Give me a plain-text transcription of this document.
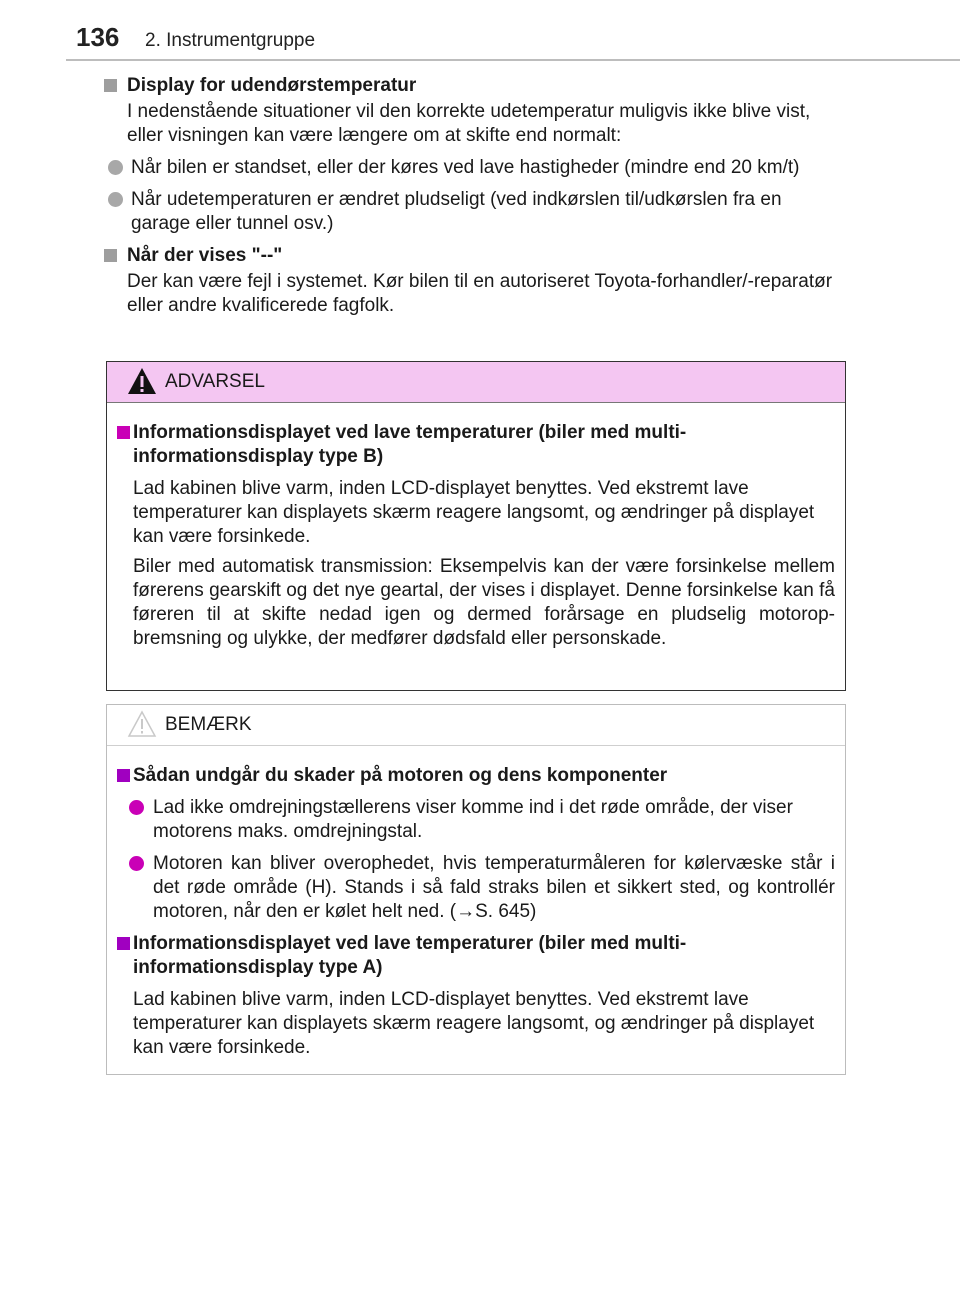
136 2. Instrumentgruppe
Display for udendørstemperatur
I nedenstående situationer vil den korrekte udetemperatur muligvis ikke blive vist, eller visningen kan være længere om at skifte end normalt:
Når bilen er standset, eller der køres ved lave hastigheder (mindre end 20 km/t)
Når udetemperaturen er ændret pludseligt (ved indkørslen til/udkørslen fra en garage eller tunnel osv.)
Når der vises "--"
Der kan være fejl i systemet. Kør bilen til en autoriseret Toyota-forhandler/-reparatør eller andre kvalificerede fagfolk.
ADVARSEL
Informationsdisplayet ved lave temperaturer (biler med multi-informationsdisplay type B)
Lad kabinen blive varm, inden LCD-displayet benyttes. Ved ekstremt lave temperaturer kan displayets skærm reagere langsomt, og ændringer på displayet kan være forsinkede.
Biler med automatisk transmission: Eksempelvis kan der være forsinkelse mellem førerens gearskift og det nye geartal, der vises i displayet. Denne forsinkelse kan få føreren til at skifte nedad igen og dermed forårsage en pludselig motoropbremsning og ulykke, der medfører dødsfald eller personskade.
BEMÆRK
Sådan undgår du skader på motoren og dens komponenter
Lad ikke omdrejningstællerens viser komme ind i det røde område, der viser motorens maks. omdrejningstal.
Motoren kan bliver overophedet, hvis temperaturmåleren for kølervæske står i det røde område (H). Stands i så fald straks bilen et sikkert sted, og kontrollér motoren, når den er kølet helt ned. (→S. 645)
Informationsdisplayet ved lave temperaturer (biler med multi-informationsdisplay type A)
Lad kabinen blive varm, inden LCD-displayet benyttes. Ved ekstremt lave temperaturer kan displayets skærm reagere langsomt, og ændringer på displayet kan være forsinkede.
